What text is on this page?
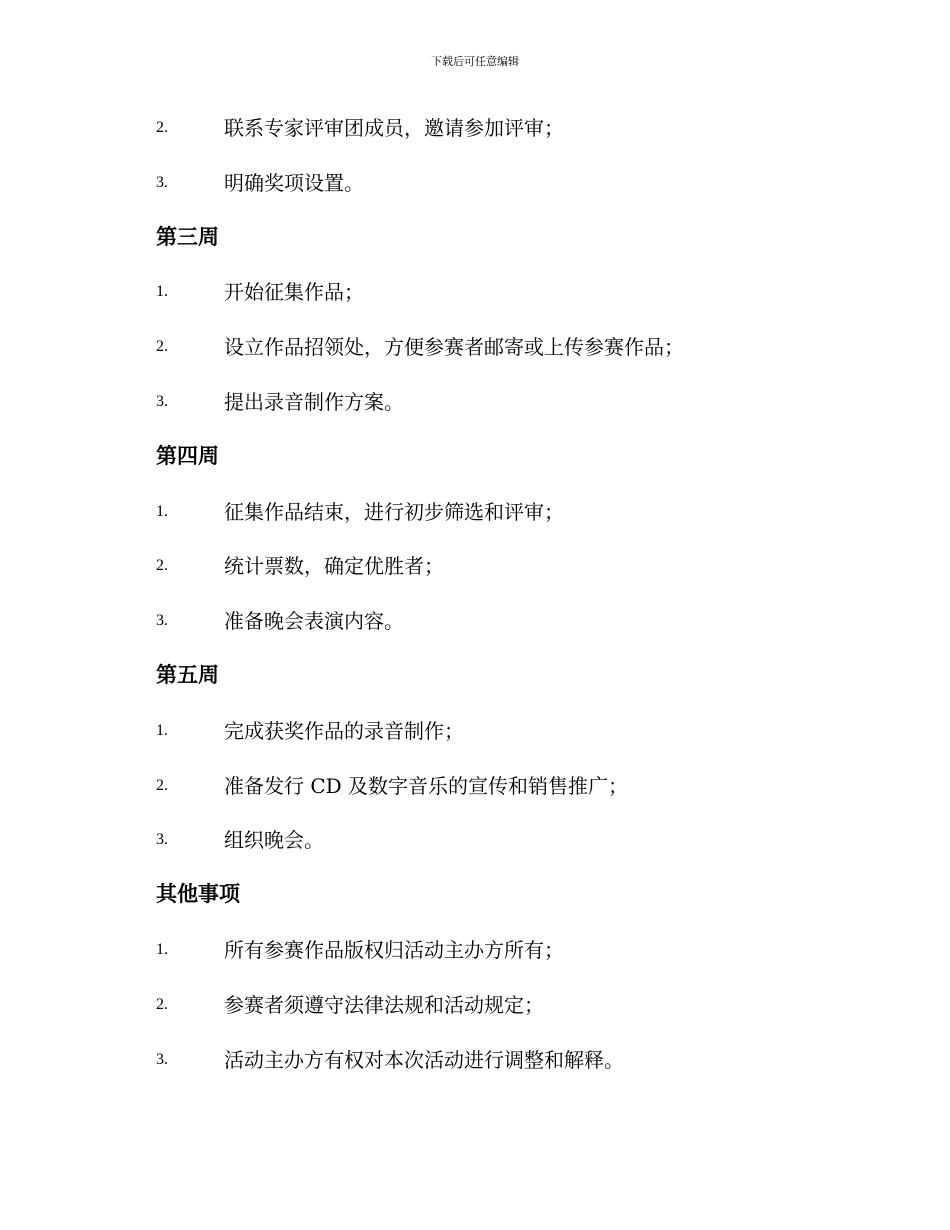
下载后可任意编辑
2.	联系专家评审团成员，邀请参加评审；
3.	明确奖项设置。
第三周
1.	开始征集作品；
2.	设立作品招领处，方便参赛者邮寄或上传参赛作品；
3.	提出录音制作方案。
第四周
1.	征集作品结束，进行初步筛选和评审；
2.	统计票数，确定优胜者；
3.	准备晚会表演内容。
第五周
1.	完成获奖作品的录音制作；
2.	准备发行 CD 及数字音乐的宣传和销售推广；
3.	组织晚会。
其他事项
1.	所有参赛作品版权归活动主办方所有；
2.	参赛者须遵守法律法规和活动规定；
3.	活动主办方有权对本次活动进行调整和解释。
